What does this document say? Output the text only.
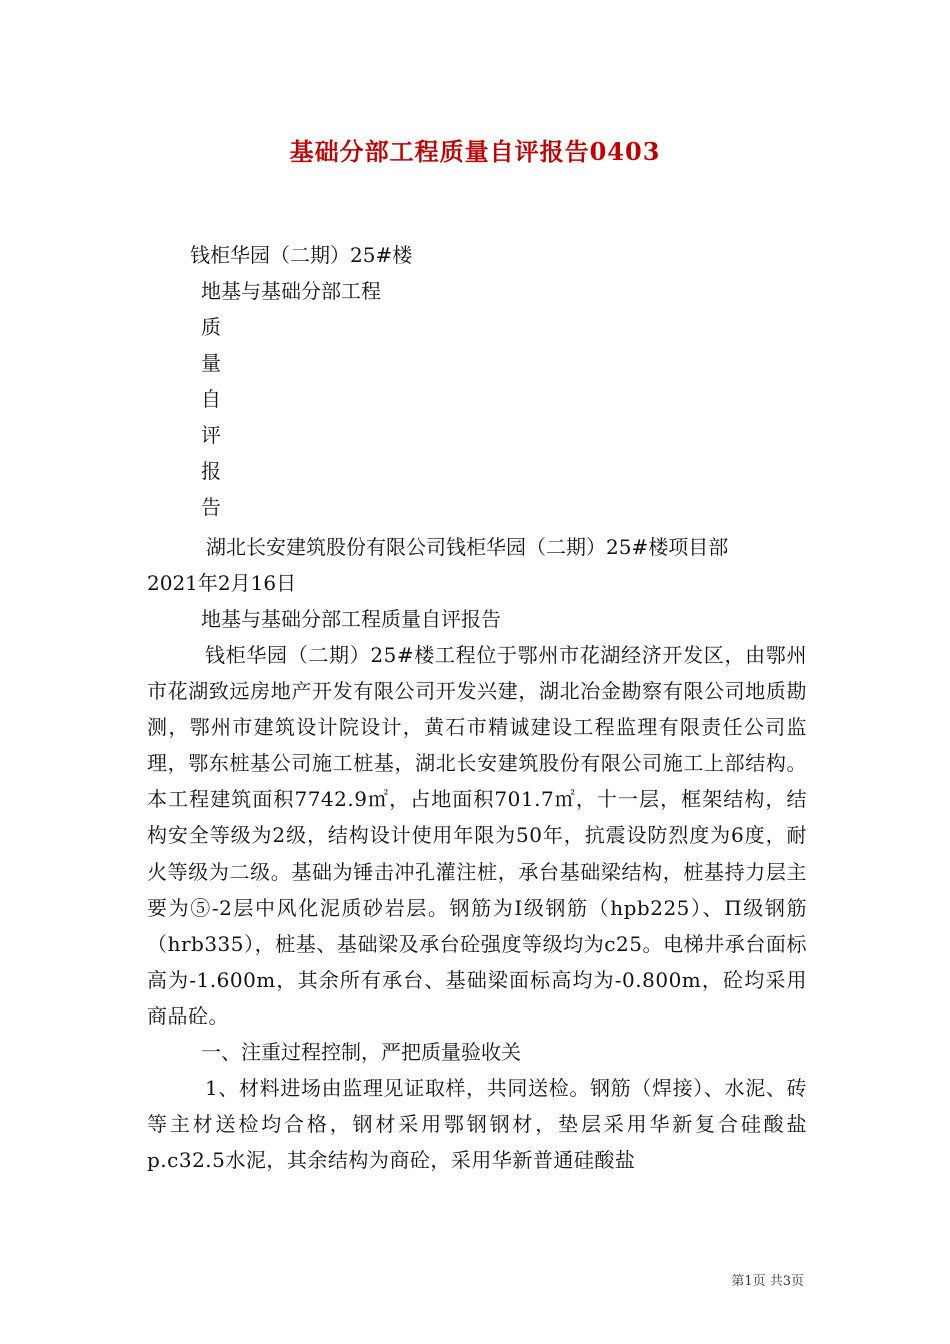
基础分部工程质量自评报告0403
钱柜华园（二期）25#楼
地基与基础分部工程
质
量
自
评
报
告
湖北长安建筑股份有限公司钱柜华园（二期）25#楼项目部
2021年2月16日
地基与基础分部工程质量自评报告
钱柜华园（二期）25#楼工程位于鄂州市花湖经济开发区，由鄂州市花湖致远房地产开发有限公司开发兴建，湖北冶金勘察有限公司地质勘测，鄂州市建筑设计院设计，黄石市精诚建设工程监理有限责任公司监理，鄂东桩基公司施工桩基，湖北长安建筑股份有限公司施工上部结构。本工程建筑面积7742.9㎡，占地面积701.7㎡，十一层，框架结构，结构安全等级为2级，结构设计使用年限为50年，抗震设防烈度为6度，耐火等级为二级。基础为锤击冲孔灌注桩，承台基础梁结构，桩基持力层主要为⑤-2层中风化泥质砂岩层。钢筋为Ⅰ级钢筋（hpb225）、Π级钢筋（hrb335），桩基、基础梁及承台砼强度等级均为c25。电梯井承台面标高为-1.600m，其余所有承台、基础梁面标高均为-0.800m，砼均采用商品砼。
一、注重过程控制，严把质量验收关
1、材料进场由监理见证取样，共同送检。钢筋（焊接）、水泥、砖等主材送检均合格，钢材采用鄂钢钢材，垫层采用华新复合硅酸盐p.c32.5水泥，其余结构为商砼，采用华新普通硅酸盐
第1页 共3页
